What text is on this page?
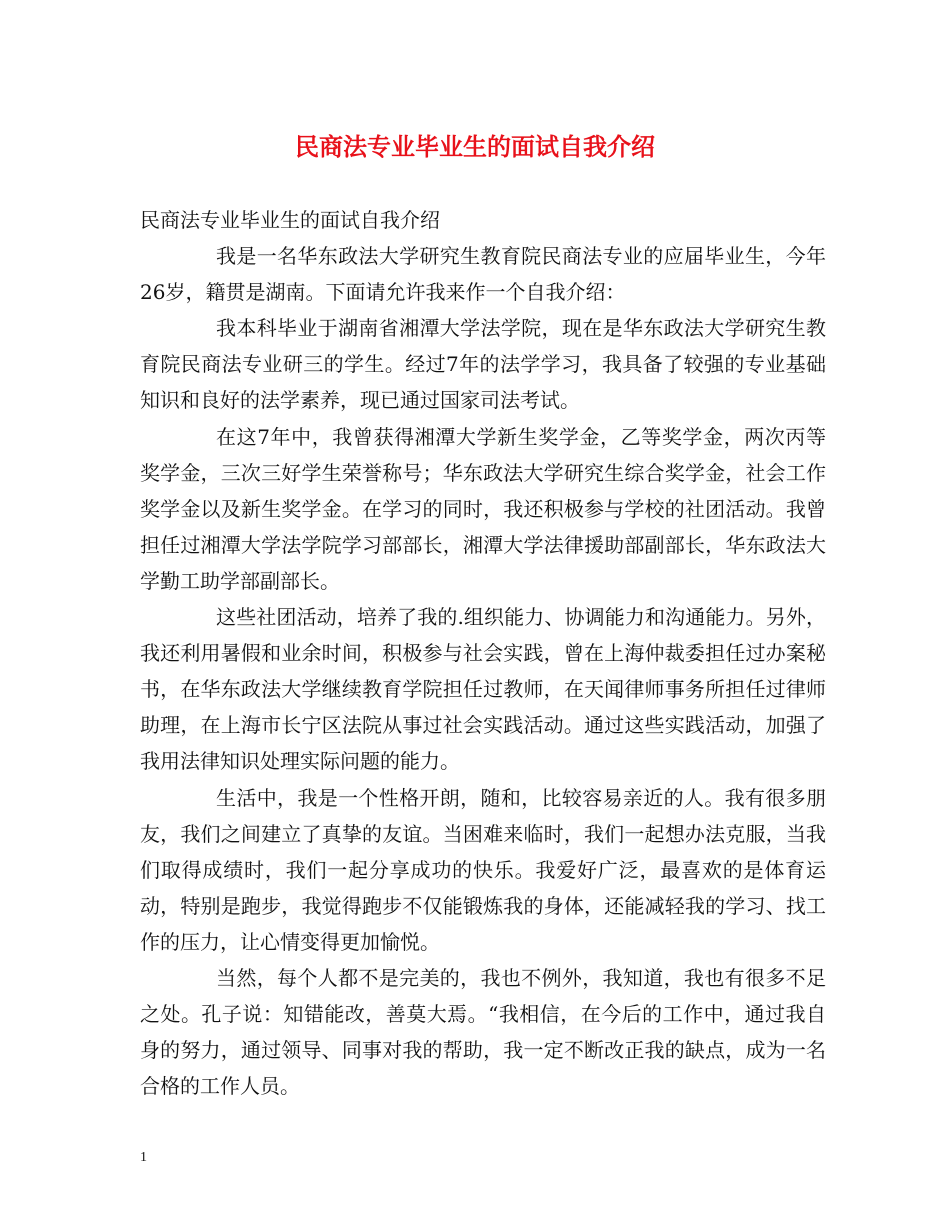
民商法专业毕业生的面试自我介绍

民商法专业毕业生的面试自我介绍

我是一名华东政法大学研究生教育院民商法专业的应届毕业生，今年26岁，籍贯是湖南。下面请允许我来作一个自我介绍：

我本科毕业于湖南省湘潭大学法学院，现在是华东政法大学研究生教育院民商法专业研三的学生。经过7年的法学学习，我具备了较强的专业基础知识和良好的法学素养，现已通过国家司法考试。

在这7年中，我曾获得湘潭大学新生奖学金，乙等奖学金，两次丙等奖学金，三次三好学生荣誉称号；华东政法大学研究生综合奖学金，社会工作奖学金以及新生奖学金。在学习的同时，我还积极参与学校的社团活动。我曾担任过湘潭大学法学院学习部部长，湘潭大学法律援助部副部长，华东政法大学勤工助学部副部长。

这些社团活动，培养了我的.组织能力、协调能力和沟通能力。另外，我还利用暑假和业余时间，积极参与社会实践，曾在上海仲裁委担任过办案秘书，在华东政法大学继续教育学院担任过教师，在天闻律师事务所担任过律师助理，在上海市长宁区法院从事过社会实践活动。通过这些实践活动，加强了我用法律知识处理实际问题的能力。

生活中，我是一个性格开朗，随和，比较容易亲近的人。我有很多朋友，我们之间建立了真挚的友谊。当困难来临时，我们一起想办法克服，当我们取得成绩时，我们一起分享成功的快乐。我爱好广泛，最喜欢的是体育运动，特别是跑步，我觉得跑步不仅能锻炼我的身体，还能减轻我的学习、找工作的压力，让心情变得更加愉悦。

当然，每个人都不是完美的，我也不例外，我知道，我也有很多不足之处。孔子说：知错能改，善莫大焉。“我相信，在今后的工作中，通过我自身的努力，通过领导、同事对我的帮助，我一定不断改正我的缺点，成为一名合格的工作人员。

1
